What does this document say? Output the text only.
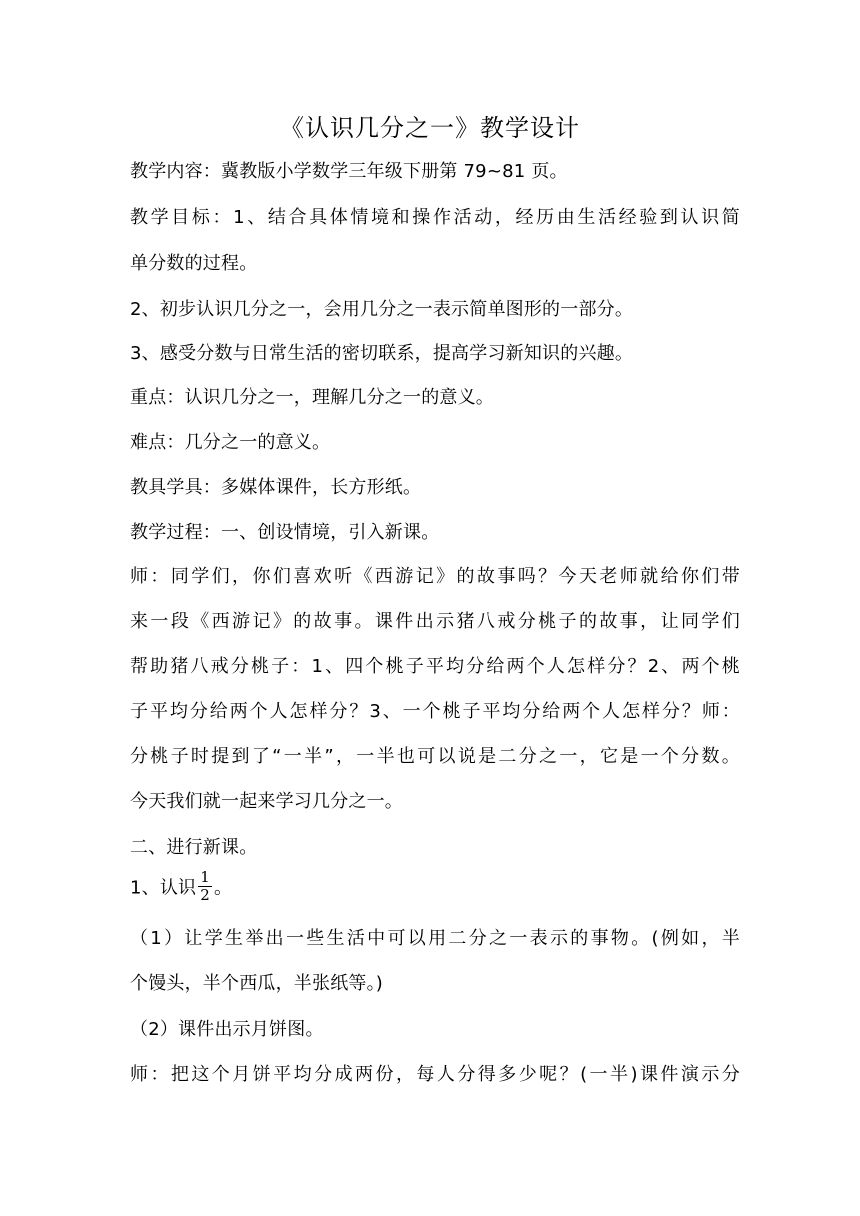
《认识几分之一》教学设计
教学内容：冀教版小学数学三年级下册第 79~81 页。
教学目标：1、结合具体情境和操作活动，经历由生活经验到认识简
单分数的过程。
2、初步认识几分之一，会用几分之一表示简单图形的一部分。
3、感受分数与日常生活的密切联系，提高学习新知识的兴趣。
重点：认识几分之一，理解几分之一的意义。
难点：几分之一的意义。
教具学具：多媒体课件，长方形纸。
教学过程：一、创设情境，引入新课。
师：同学们，你们喜欢听《西游记》的故事吗？今天老师就给你们带
来一段《西游记》的故事。课件出示猪八戒分桃子的故事，让同学们
帮助猪八戒分桃子：1、四个桃子平均分给两个人怎样分？2、两个桃
子平均分给两个人怎样分？3、一个桃子平均分给两个人怎样分？师：
分桃子时提到了“一半”，一半也可以说是二分之一，它是一个分数。
今天我们就一起来学习几分之一。
二、进行新课。
1、认识 $\frac{1}{2}$ 。
（1）让学生举出一些生活中可以用二分之一表示的事物。(例如，半
个馒头，半个西瓜，半张纸等。)
（2）课件出示月饼图。
师：把这个月饼平均分成两份，每人分得多少呢？(一半)课件演示分
